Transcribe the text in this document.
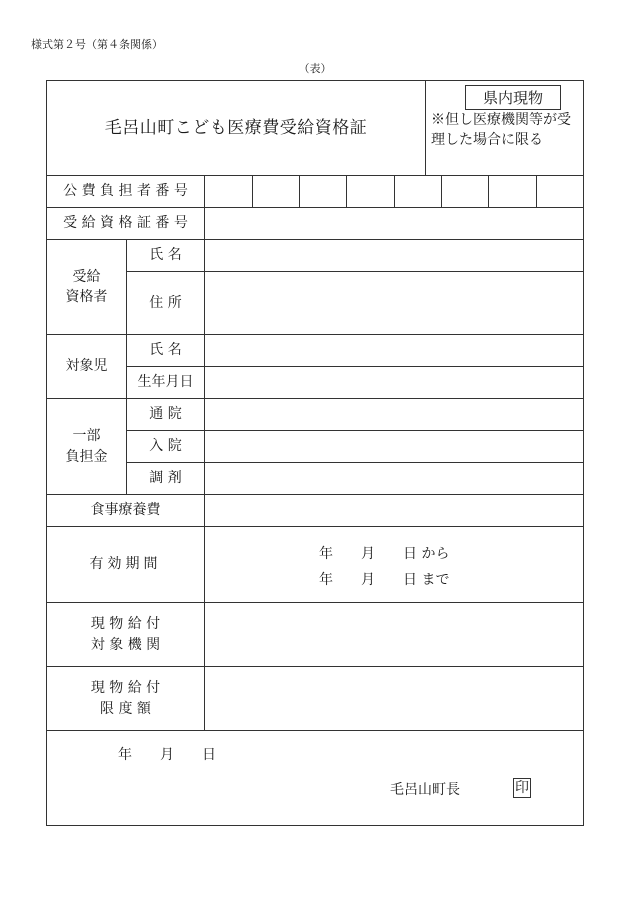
様式第２号（第４条関係）
（表）
毛呂山町こども医療費受給資格証
県内現物
※但し医療機関等が受理した場合に限る
公 費 負 担 者 番 号
受 給 資 格 証 番 号
受給
資格者
氏 名
住 所
対象児
氏 名
生年月日
一部
負担金
通 院
入 院
調 剤
食事療養費
有効期間
年　　月　　日 から
年　　月　　日 まで
現 物 給 付
対 象 機 関
現 物 給 付
限 度 額
年　　月　　日
毛呂山町長	印
